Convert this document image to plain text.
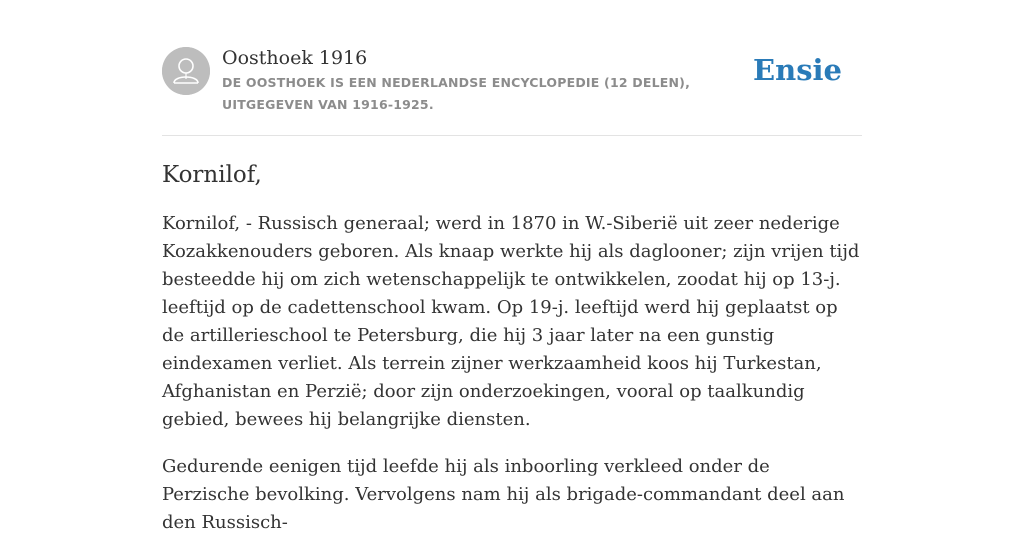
Oosthoek 1916
DE OOSTHOEK IS EEN NEDERLANDSE ENCYCLOPEDIE (12 DELEN), UITGEGEVEN VAN 1916-1925.
Ensie
Kornilof,

Kornilof, - Russisch generaal; werd in 1870 in W.-Siberië uit zeer nederige Kozakkenouders geboren. Als knaap werkte hij als daglooner; zijn vrijen tijd besteedde hij om zich wetenschappelijk te ontwikkelen, zoodat hij op 13-j. leeftijd op de cadettenschool kwam. Op 19-j. leeftijd werd hij geplaatst op de artillerieschool te Petersburg, die hij 3 jaar later na een gunstig eindexamen verliet. Als terrein zijner werkzaamheid koos hij Turkestan, Afghanistan en Perzië; door zijn onderzoekingen, vooral op taalkundig gebied, bewees hij belangrijke diensten.

Gedurende eenigen tijd leefde hij als inboorling verkleed onder de Perzische bevolking. Vervolgens nam hij als brigade-commandant deel aan den Russisch-
